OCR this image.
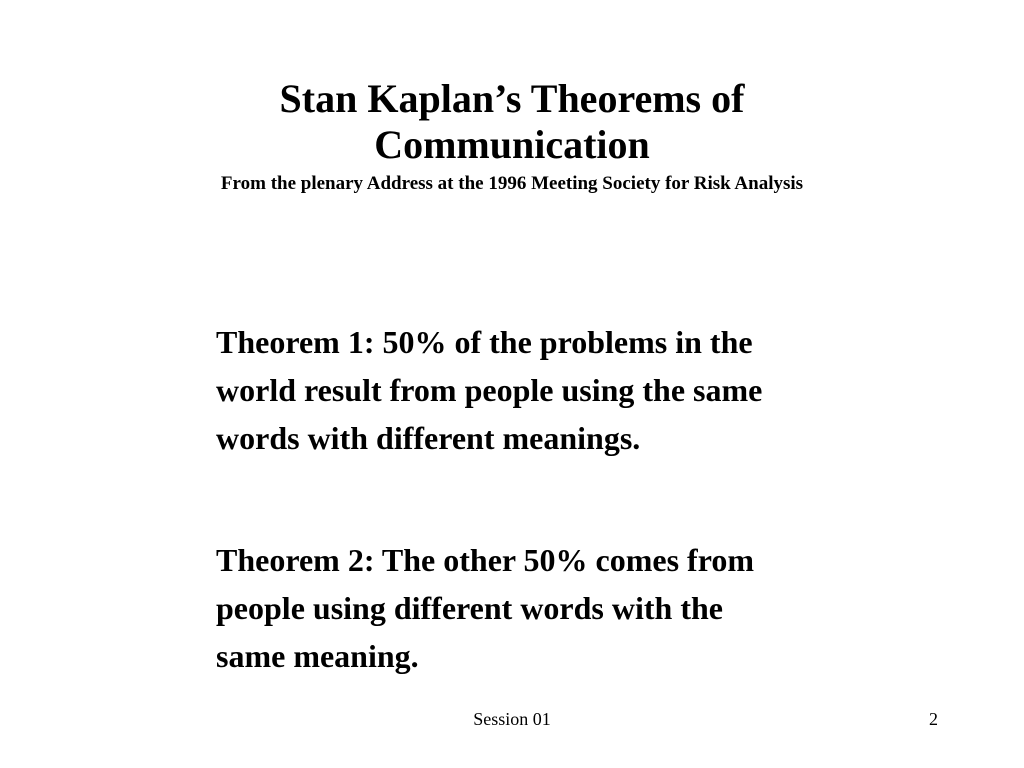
Stan Kaplan’s Theorems of
Communication

From the plenary Address at the 1996 Meeting Society for Risk Analysis

Theorem 1: 50% of the problems in the
world result from people using the same
words with different meanings.

Theorem 2: The other 50% comes from
people using different words with the
same meaning.

Session 01	2
